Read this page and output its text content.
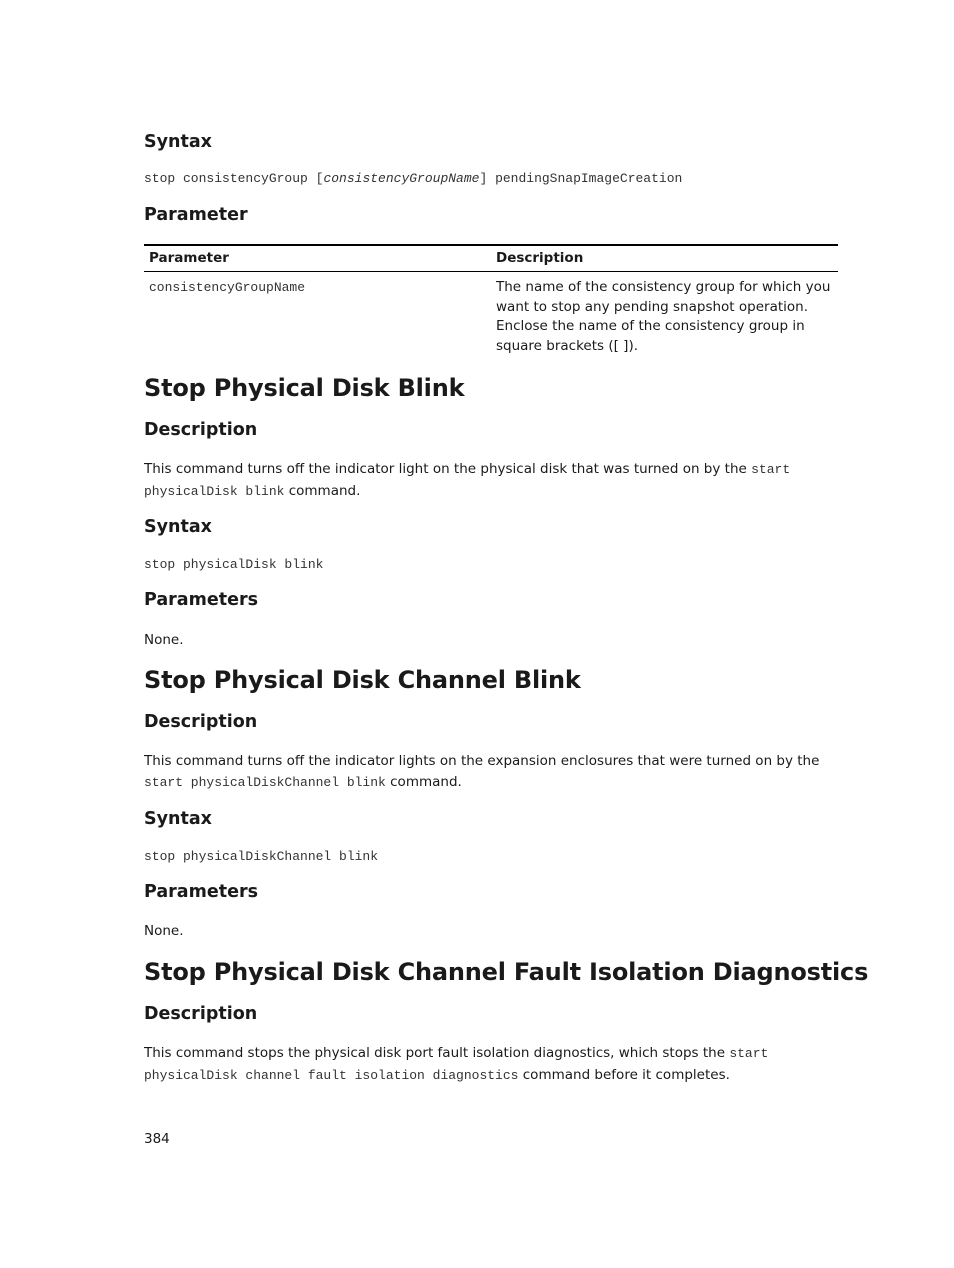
Syntax
stop consistencyGroup [consistencyGroupName] pendingSnapImageCreation
Parameter
Parameter	Description
consistencyGroupName	The name of the consistency group for which you want to stop any pending snapshot operation. Enclose the name of the consistency group in square brackets ([ ]).
Stop Physical Disk Blink
Description

This command turns off the indicator light on the physical disk that was turned on by the start physicalDisk blink command.

Syntax
stop physicalDisk blink
Parameters

None.

Stop Physical Disk Channel Blink
Description

This command turns off the indicator lights on the expansion enclosures that were turned on by the start physicalDiskChannel blink command.

Syntax
stop physicalDiskChannel blink
Parameters

None.

Stop Physical Disk Channel Fault Isolation Diagnostics
Description

This command stops the physical disk port fault isolation diagnostics, which stops the start physicalDisk channel fault isolation diagnostics command before it completes.

384
